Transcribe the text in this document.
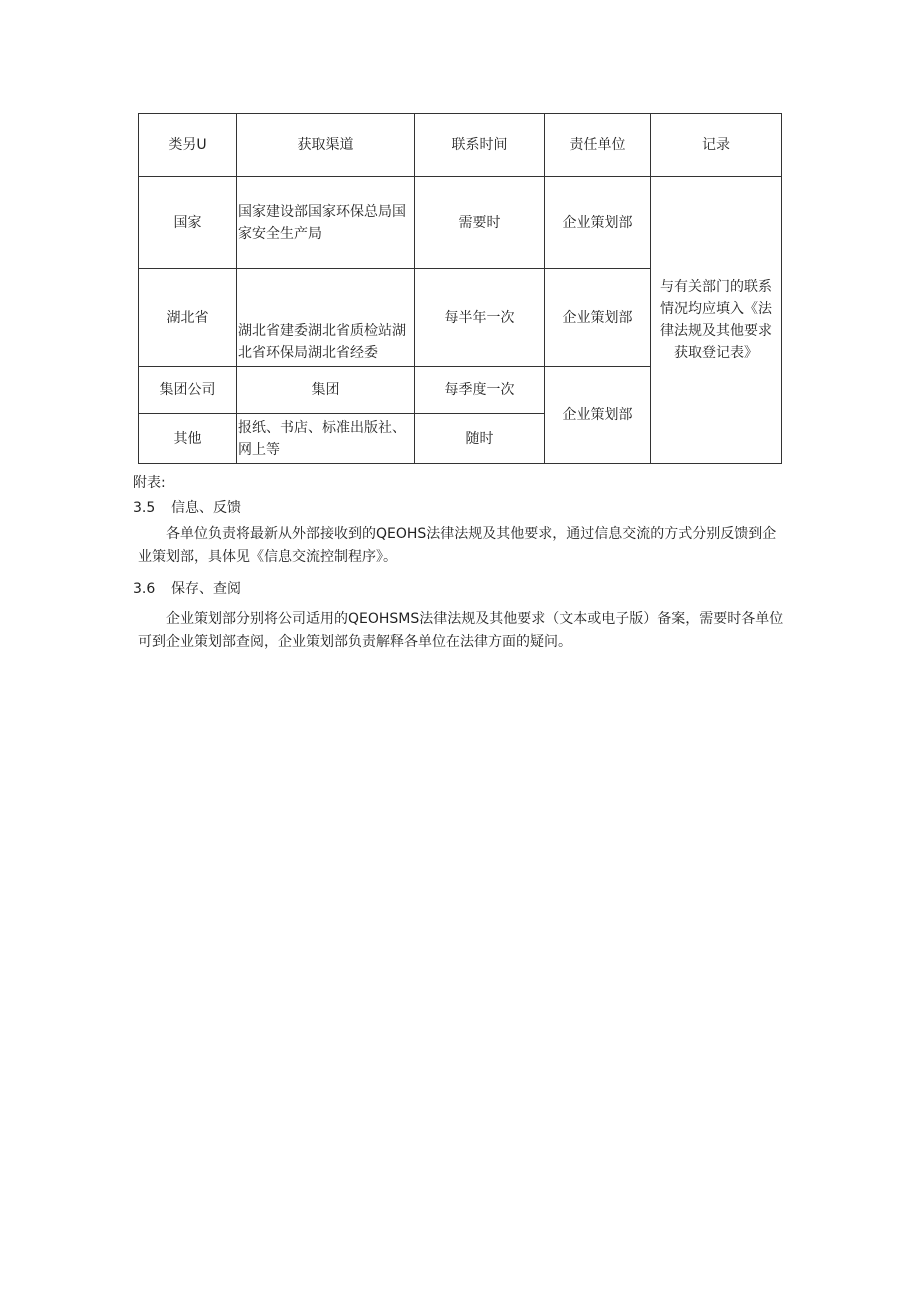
类另U	获取渠道	联系时间	责任单位	记录
国家	国家建设部国家环保总局国家安全生产局	需要时	企业策划部	与有关部门的联系情况均应填入《法律法规及其他要求获取登记表》
湖北省	湖北省建委湖北省质检站湖北省环保局湖北省经委	每半年一次	企业策划部	
集团公司	集团	每季度一次	企业策划部	
其他	报纸、书店、标准出版社、网上等	随时		
附表:
3.5 信息、反馈
各单位负责将最新从外部接收到的QEOHS法律法规及其他要求，通过信息交流的方式分别反馈到企业策划部，具体见《信息交流控制程序》。
3.6 保存、查阅
企业策划部分别将公司适用的QEOHSMS法律法规及其他要求（文本或电子版）备案，需要时各单位可到企业策划部查阅，企业策划部负责解释各单位在法律方面的疑问。
